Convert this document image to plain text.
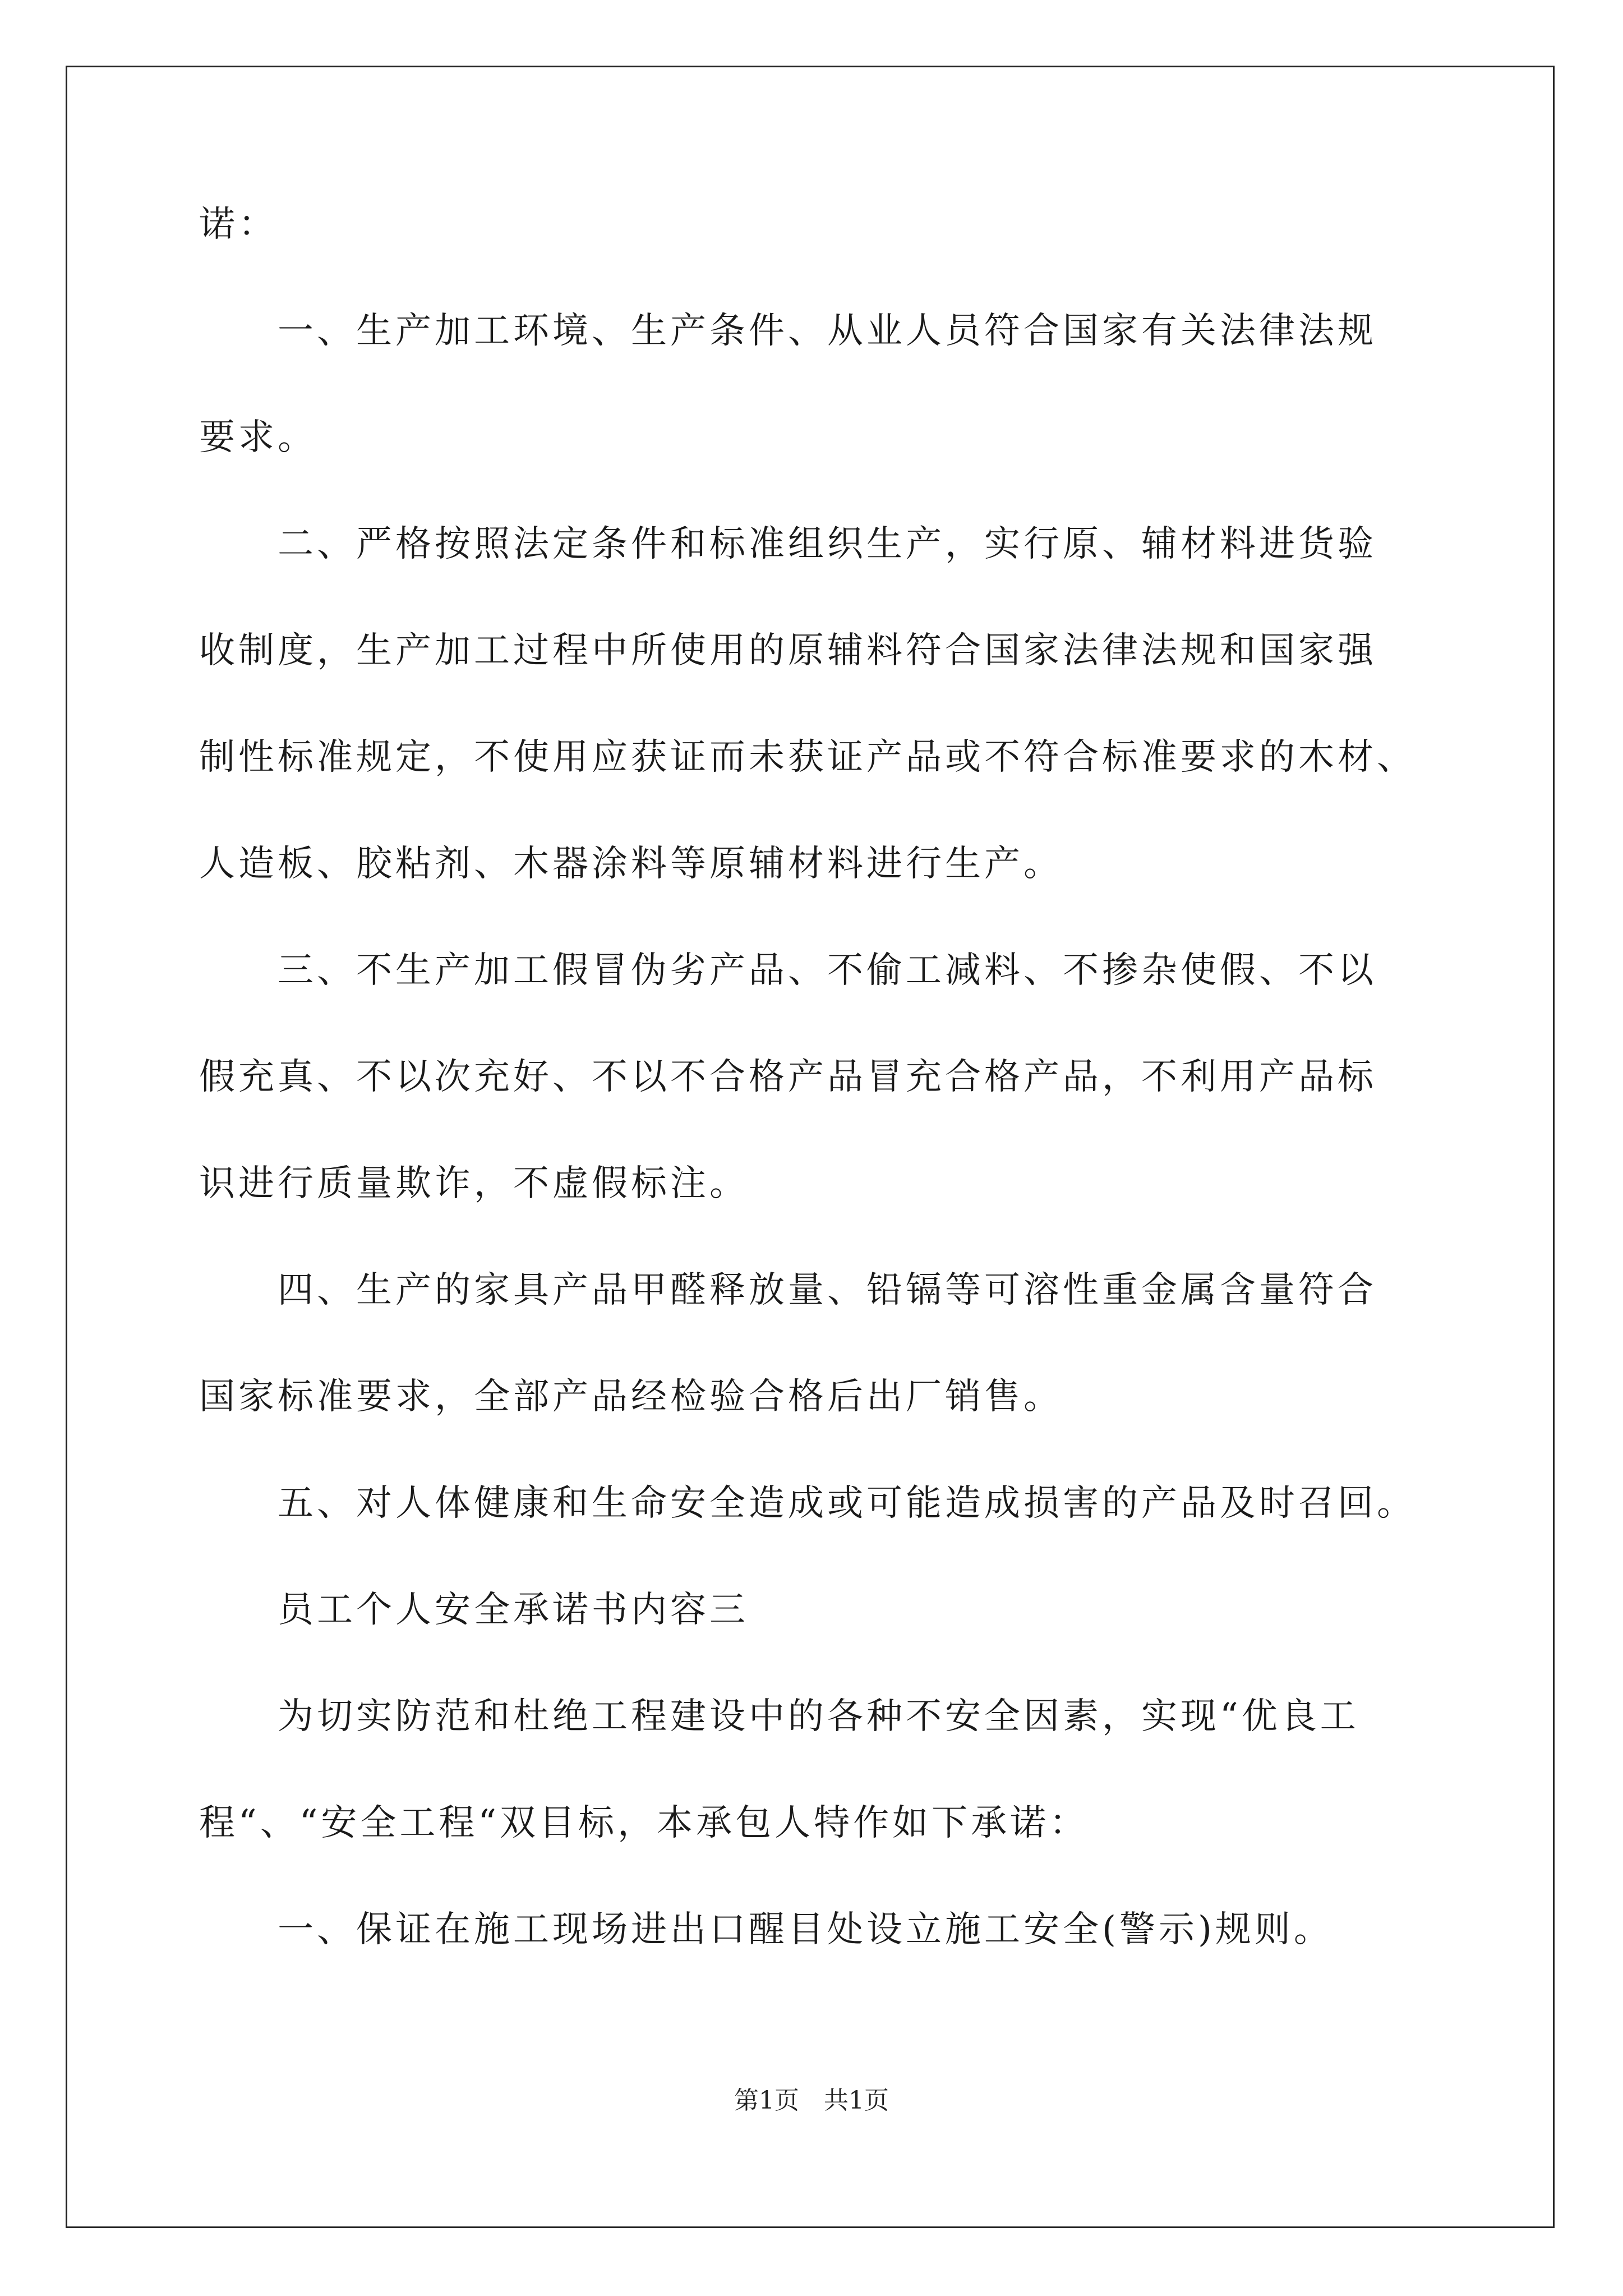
诺：
　　一、生产加工环境、生产条件、从业人员符合国家有关法律法规
要求。
　　二、严格按照法定条件和标准组织生产，实行原、辅材料进货验
收制度，生产加工过程中所使用的原辅料符合国家法律法规和国家强
制性标准规定，不使用应获证而未获证产品或不符合标准要求的木材、
人造板、胶粘剂、木器涂料等原辅材料进行生产。
　　三、不生产加工假冒伪劣产品、不偷工减料、不掺杂使假、不以
假充真、不以次充好、不以不合格产品冒充合格产品，不利用产品标
识进行质量欺诈，不虚假标注。
　　四、生产的家具产品甲醛释放量、铅镉等可溶性重金属含量符合
国家标准要求，全部产品经检验合格后出厂销售。
　　五、对人体健康和生命安全造成或可能造成损害的产品及时召回。
　　员工个人安全承诺书内容三
　　为切实防范和杜绝工程建设中的各种不安全因素，实现“优良工
程“、“安全工程“双目标，本承包人特作如下承诺：
　　一、保证在施工现场进出口醒目处设立施工安全(警示)规则。
第1页　共1页
